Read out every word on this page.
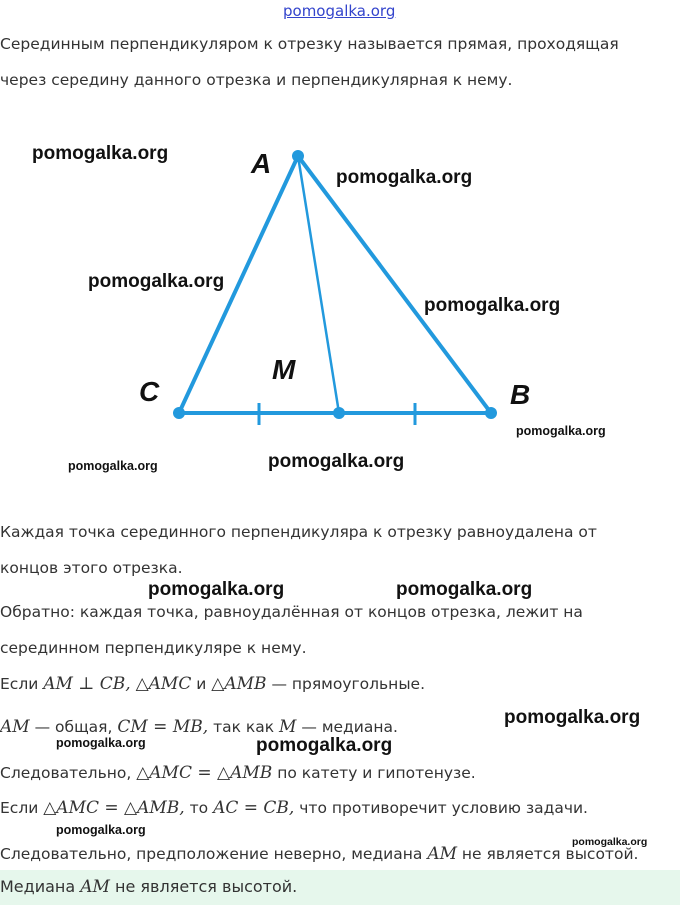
pomogalka.org
Серединным перпендикуляром к отрезку называется прямая, проходящая
через середину данного отрезка и перпендикулярная к нему.
A
C
M
B
pomogalka.org
pomogalka.org
pomogalka.org
pomogalka.org
pomogalka.org
pomogalka.org	pomogalka.org
Каждая точка серединного перпендикуляра к отрезку равноудалена от
концов этого отрезка.
pomogalka.org	pomogalka.org
Обратно: каждая точка, равноудалённая от концов отрезка, лежит на
серединном перпендикуляре к нему.
Если AM ⊥ CB, △AMC и △AMB — прямоугольные.
pomogalka.org
AM — общая, CM = MB, так как M — медиана.
pomogalka.org	pomogalka.org
Следовательно, △AMC = △AMB по катету и гипотенузе.
Если △AMC = △AMB, то AC = CB, что противоречит условию задачи.
pomogalka.org
pomogalka.org
Следовательно, предположение неверно, медиана AM не является высотой.
Медиана AM не является высотой.
